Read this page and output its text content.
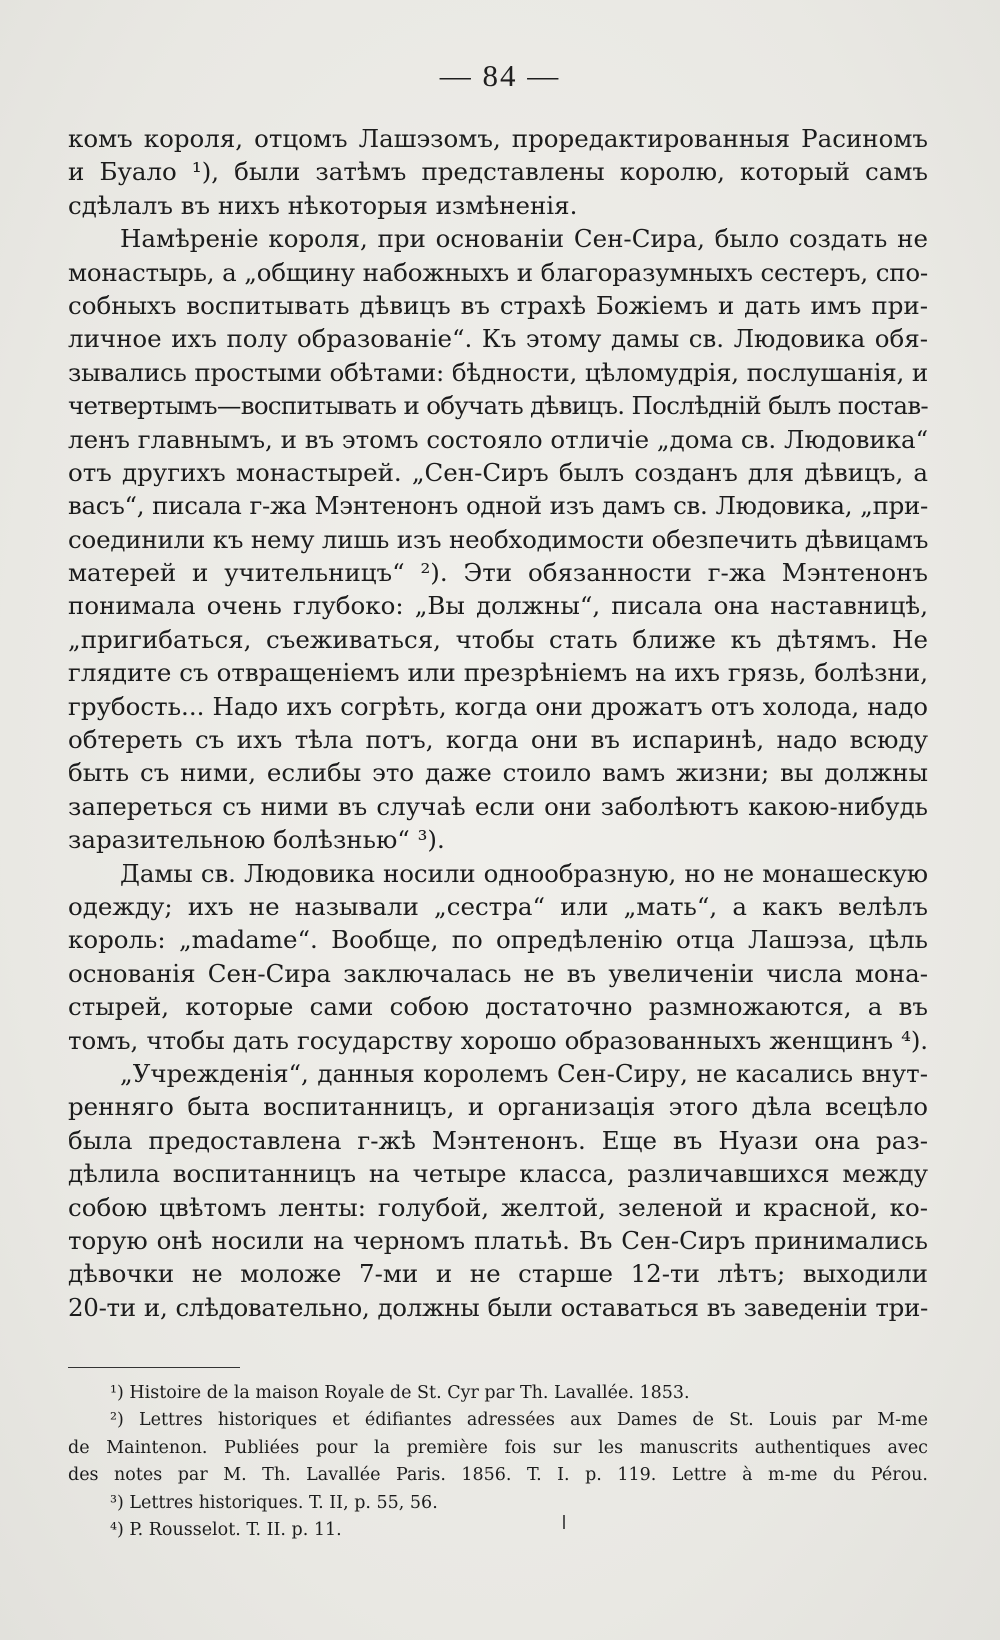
— 84 —
комъ короля, отцомъ Лашэзомъ, проредактированныя Расиномъ
и Буало ¹), были затѣмъ представлены королю, который самъ
сдѣлалъ въ нихъ нѣкоторыя измѣненія.
Намѣреніе короля, при основаніи Сен-Сира, было создать не
монастырь, а „общину набожныхъ и благоразумныхъ сестеръ, спо-
собныхъ воспитывать дѣвицъ въ страхѣ Божіемъ и дать имъ при-
личное ихъ полу образованіе“. Къ этому дамы св. Людовика обя-
зывались простыми обѣтами: бѣдности, цѣломудрія, послушанія, и
четвертымъ—воспитывать и обучать дѣвицъ. Послѣдній былъ постав-
ленъ главнымъ, и въ этомъ состояло отличіе „дома св. Людовика“
отъ другихъ монастырей. „Сен-Сиръ былъ созданъ для дѣвицъ, а
васъ“, писала г-жа Мэнтенонъ одной изъ дамъ св. Людовика, „при-
соединили къ нему лишь изъ необходимости обезпечить дѣвицамъ
матерей и учительницъ“ ²). Эти обязанности г-жа Мэнтенонъ
понимала очень глубоко: „Вы должны“, писала она наставницѣ,
„пригибаться, съеживаться, чтобы стать ближе къ дѣтямъ. Не
глядите съ отвращеніемъ или презрѣніемъ на ихъ грязь, болѣзни,
грубость... Надо ихъ согрѣть, когда они дрожатъ отъ холода, надо
обтереть съ ихъ тѣла потъ, когда они въ испаринѣ, надо всюду
быть съ ними, еслибы это даже стоило вамъ жизни; вы должны
запереться съ ними въ случаѣ если они заболѣютъ какою-нибудь
заразительною болѣзнью“ ³).
Дамы св. Людовика носили однообразную, но не монашескую
одежду; ихъ не называли „сестра“ или „мать“, а какъ велѣлъ
король: „madame“. Вообще, по опредѣленію отца Лашэза, цѣль
основанія Сен-Сира заключалась не въ увеличеніи числа мона-
стырей, которые сами собою достаточно размножаются, а въ
томъ, чтобы дать государству хорошо образованныхъ женщинъ ⁴).
„Учрежденія“, данныя королемъ Сен-Сиру, не касались внут-
ренняго быта воспитанницъ, и организація этого дѣла всецѣло
была предоставлена г-жѣ Мэнтенонъ. Еще въ Нуази она раз-
дѣлила воспитанницъ на четыре класса, различавшихся между
собою цвѣтомъ ленты: голубой, желтой, зеленой и красной, ко-
торую онѣ носили на черномъ платьѣ. Въ Сен-Сиръ принимались
дѣвочки не моложе 7-ми и не старше 12-ти лѣтъ; выходили
20-ти и, слѣдовательно, должны были оставаться въ заведеніи три-
¹) Histoire de la maison Royale de St. Cyr par Th. Lavallée. 1853.
²) Lettres historiques et édifiantes adressées aux Dames de St. Louis par M-me
de Maintenon. Publiées pour la première fois sur les manuscrits authentiques avec
des notes par M. Th. Lavallée Paris. 1856. T. I. p. 119. Lettre à m-me du Pérou.
³) Lettres historiques. T. II, p. 55, 56.
⁴) P. Rousselot. T. II. p. 11.
